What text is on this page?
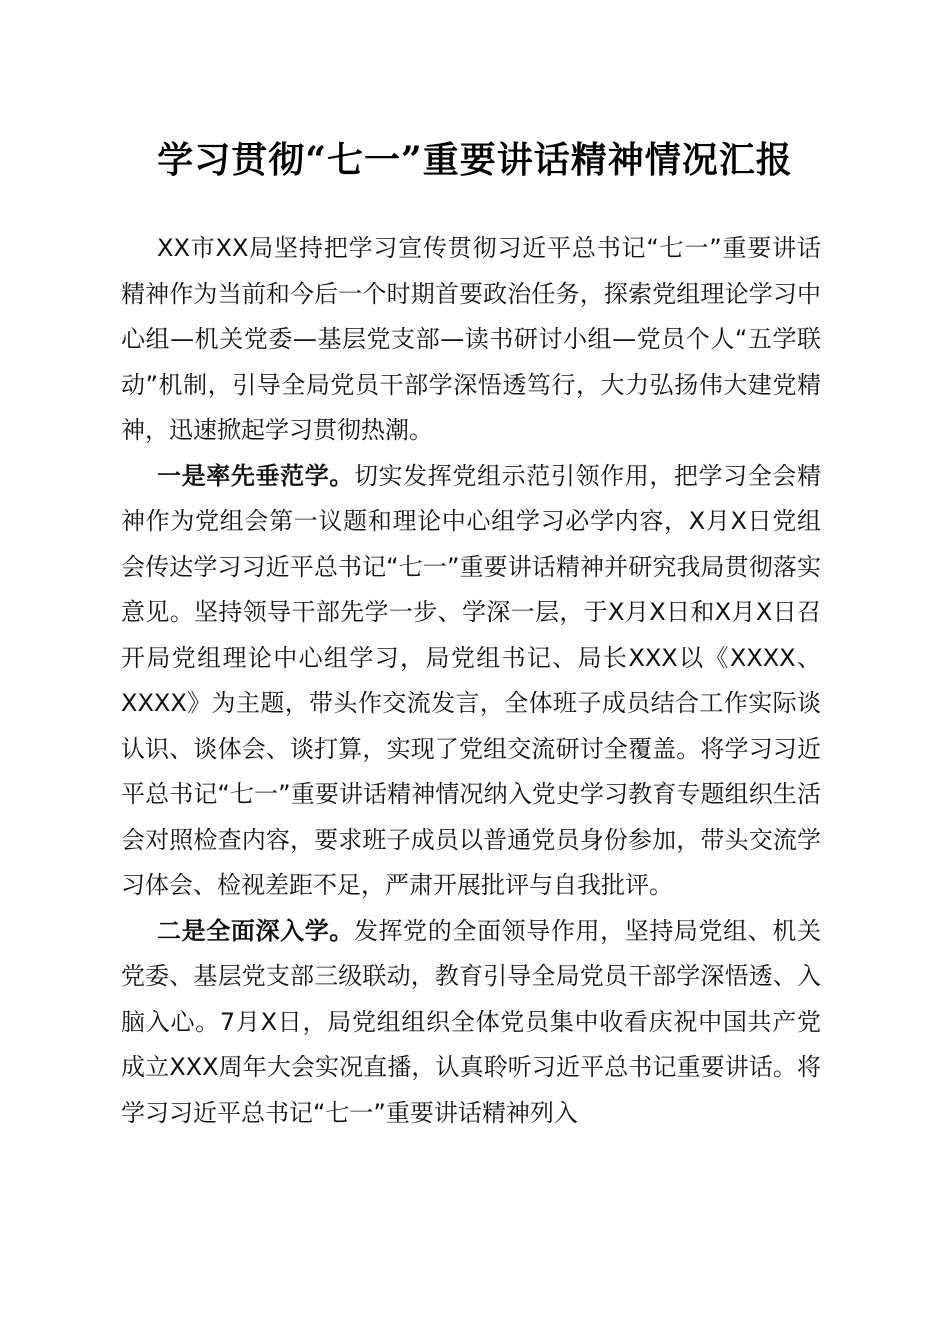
学习贯彻“七一”重要讲话精神情况汇报

XX市XX局坚持把学习宣传贯彻习近平总书记“七一”重要讲话精神作为当前和今后一个时期首要政治任务，探索党组理论学习中心组—机关党委—基层党支部—读书研讨小组—党员个人“五学联动”机制，引导全局党员干部学深悟透笃行，大力弘扬伟大建党精神，迅速掀起学习贯彻热潮。

一是率先垂范学。切实发挥党组示范引领作用，把学习全会精神作为党组会第一议题和理论中心组学习必学内容，X月X日党组会传达学习习近平总书记“七一”重要讲话精神并研究我局贯彻落实意见。坚持领导干部先学一步、学深一层，于X月X日和X月X日召开局党组理论中心组学习，局党组书记、局长XXX以《XXXX、XXXX》为主题，带头作交流发言，全体班子成员结合工作实际谈认识、谈体会、谈打算，实现了党组交流研讨全覆盖。将学习习近平总书记“七一”重要讲话精神情况纳入党史学习教育专题组织生活会对照检查内容，要求班子成员以普通党员身份参加，带头交流学习体会、检视差距不足，严肃开展批评与自我批评。

二是全面深入学。发挥党的全面领导作用，坚持局党组、机关党委、基层党支部三级联动，教育引导全局党员干部学深悟透、入脑入心。7月X日，局党组组织全体党员集中收看庆祝中国共产党成立XXX周年大会实况直播，认真聆听习近平总书记重要讲话。将学习习近平总书记“七一”重要讲话精神列入
